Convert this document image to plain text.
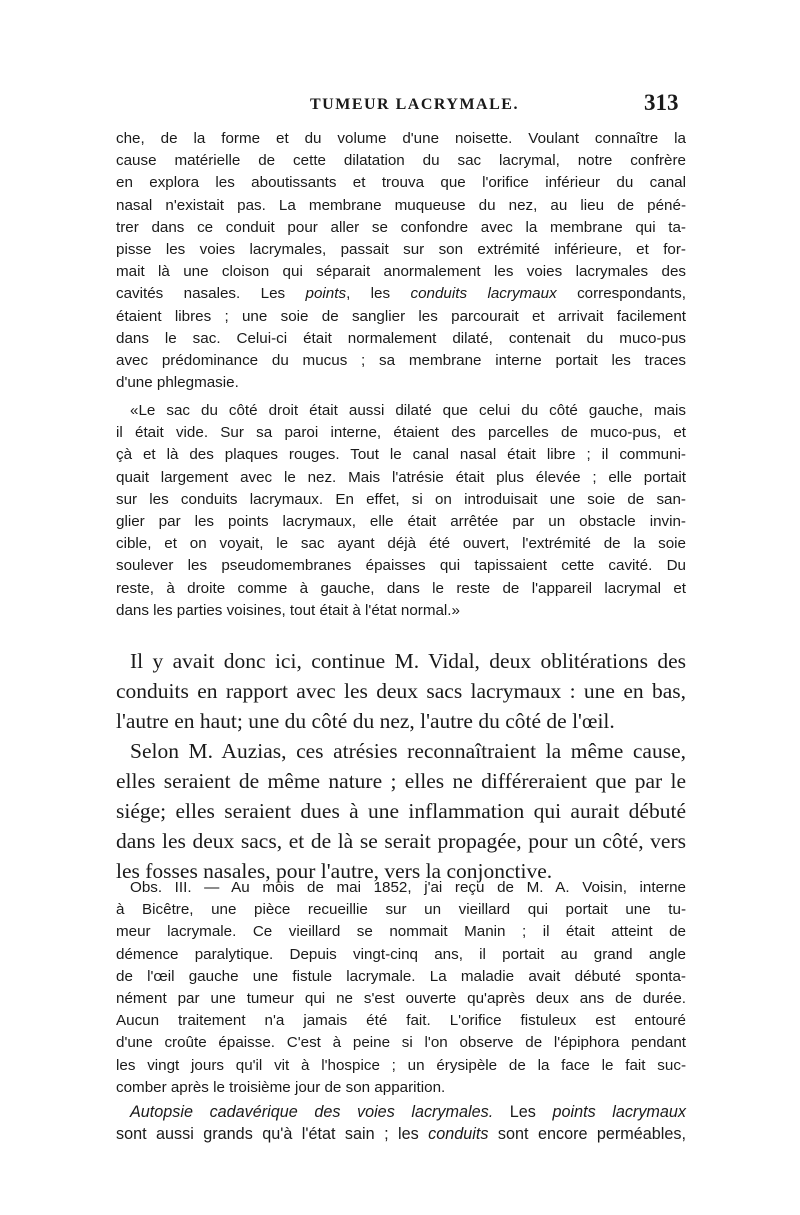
TUMEUR LACRYMALE.	313
che, de la forme et du volume d'une noisette. Voulant connaître la
cause matérielle de cette dilatation du sac lacrymal, notre confrère
en explora les aboutissants et trouva que l'orifice inférieur du canal
nasal n'existait pas. La membrane muqueuse du nez, au lieu de péné-
trer dans ce conduit pour aller se confondre avec la membrane qui ta-
pisse les voies lacrymales, passait sur son extrémité inférieure, et for-
mait là une cloison qui séparait anormalement les voies lacrymales des
cavités nasales. Les points, les conduits lacrymaux correspondants,
étaient libres ; une soie de sanglier les parcourait et arrivait facilement
dans le sac. Celui-ci était normalement dilaté, contenait du muco-pus
avec prédominance du mucus ; sa membrane interne portait les traces
d'une phlegmasie.
«Le sac du côté droit était aussi dilaté que celui du côté gauche, mais
il était vide. Sur sa paroi interne, étaient des parcelles de muco-pus, et
çà et là des plaques rouges. Tout le canal nasal était libre ; il communi-
quait largement avec le nez. Mais l'atrésie était plus élevée ; elle portait
sur les conduits lacrymaux. En effet, si on introduisait une soie de san-
glier par les points lacrymaux, elle était arrêtée par un obstacle invin-
cible, et on voyait, le sac ayant déjà été ouvert, l'extrémité de la soie
soulever les pseudomembranes épaisses qui tapissaient cette cavité. Du
reste, à droite comme à gauche, dans le reste de l'appareil lacrymal et
dans les parties voisines, tout était à l'état normal.»
Il y avait donc ici, continue M. Vidal, deux oblitérations des
conduits en rapport avec les deux sacs lacrymaux : une en bas,
l'autre en haut; une du côté du nez, l'autre du côté de l'œil.
Selon M. Auzias, ces atrésies reconnaîtraient la même cause,
elles seraient de même nature ; elles ne différeraient que par le
siége; elles seraient dues à une inflammation qui aurait débuté
dans les deux sacs, et de là se serait propagée, pour un côté, vers
les fosses nasales, pour l'autre, vers la conjonctive.
Obs. III. — Au mois de mai 1852, j'ai reçu de M. A. Voisin, interne
à Bicêtre, une pièce recueillie sur un vieillard qui portait une tu-
meur lacrymale. Ce vieillard se nommait Manin ; il était atteint de
démence paralytique. Depuis vingt-cinq ans, il portait au grand angle
de l'œil gauche une fistule lacrymale. La maladie avait débuté sponta-
nément par une tumeur qui ne s'est ouverte qu'après deux ans de durée.
Aucun traitement n'a jamais été fait. L'orifice fistuleux est entouré
d'une croûte épaisse. C'est à peine si l'on observe de l'épiphora pendant
les vingt jours qu'il vit à l'hospice ; un érysipèle de la face le fait suc-
comber après le troisième jour de son apparition.
Autopsie cadavérique des voies lacrymales. Les points lacrymaux
sont aussi grands qu'à l'état sain ; les conduits sont encore perméables,
